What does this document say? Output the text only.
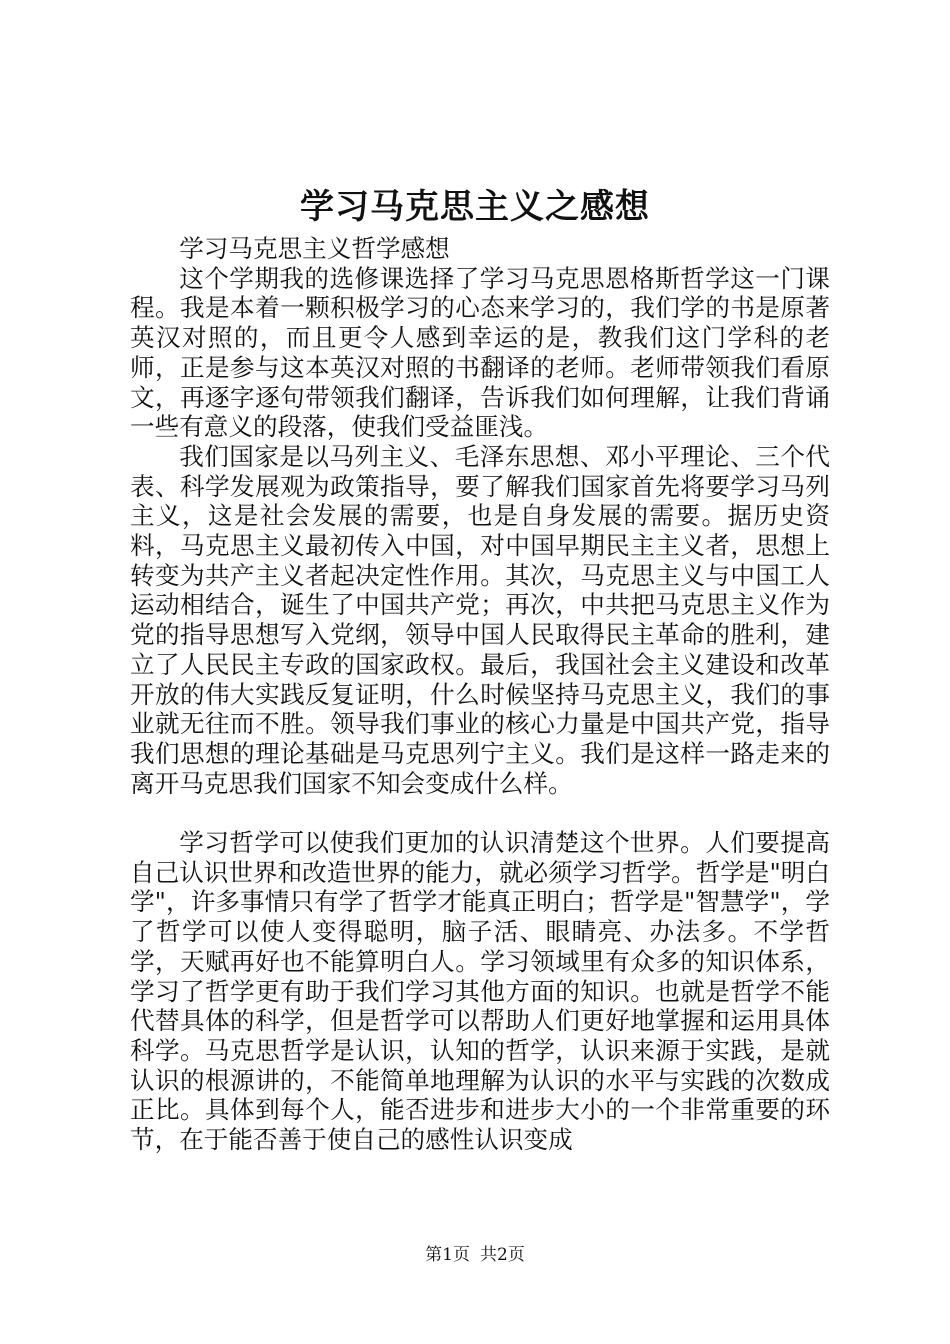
学习马克思主义之感想

学习马克思主义哲学感想

这个学期我的选修课选择了学习马克思恩格斯哲学这一门课程。我是本着一颗积极学习的心态来学习的，我们学的书是原著英汉对照的，而且更令人感到幸运的是，教我们这门学科的老师，正是参与这本英汉对照的书翻译的老师。老师带领我们看原文，再逐字逐句带领我们翻译，告诉我们如何理解，让我们背诵一些有意义的段落，使我们受益匪浅。

我们国家是以马列主义、毛泽东思想、邓小平理论、三个代表、科学发展观为政策指导，要了解我们国家首先将要学习马列主义，这是社会发展的需要，也是自身发展的需要。据历史资料，马克思主义最初传入中国，对中国早期民主主义者，思想上转变为共产主义者起决定性作用。其次，马克思主义与中国工人运动相结合，诞生了中国共产党；再次，中共把马克思主义作为党的指导思想写入党纲，领导中国人民取得民主革命的胜利，建立了人民民主专政的国家政权。最后，我国社会主义建设和改革开放的伟大实践反复证明，什么时候坚持马克思主义，我们的事业就无往而不胜。领导我们事业的核心力量是中国共产党，指导我们思想的理论基础是马克思列宁主义。我们是这样一路走来的离开马克思我们国家不知会变成什么样。

学习哲学可以使我们更加的认识清楚这个世界。人们要提高自己认识世界和改造世界的能力，就必须学习哲学。哲学是"明白学"，许多事情只有学了哲学才能真正明白；哲学是"智慧学"，学了哲学可以使人变得聪明，脑子活、眼睛亮、办法多。不学哲学，天赋再好也不能算明白人。学习领域里有众多的知识体系，学习了哲学更有助于我们学习其他方面的知识。也就是哲学不能代替具体的科学，但是哲学可以帮助人们更好地掌握和运用具体科学。马克思哲学是认识，认知的哲学，认识来源于实践，是就认识的根源讲的，不能简单地理解为认识的水平与实践的次数成正比。具体到每个人，能否进步和进步大小的一个非常重要的环节，在于能否善于使自己的感性认识变成

第1页 共2页
